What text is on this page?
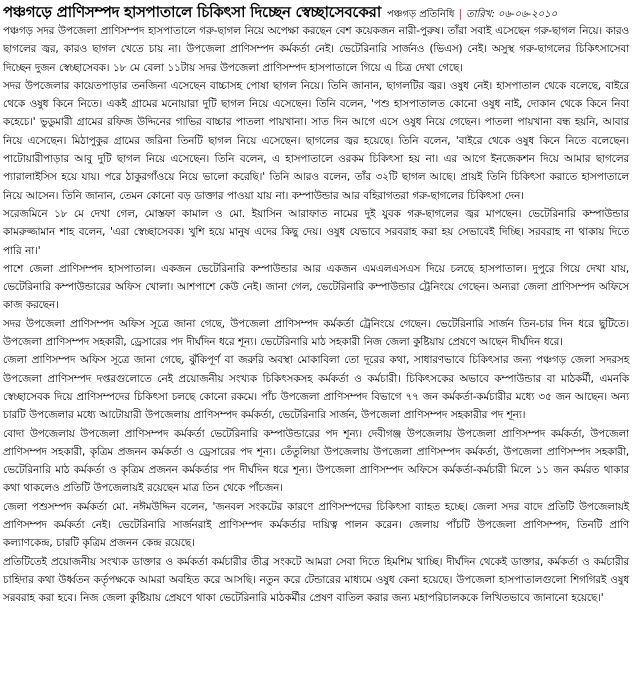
পঞ্চগড়ে প্রাণিসম্পদ হাসপাতালে চিকিৎসা দিচ্ছেন স্বেচ্ছাসেবকেরা পঞ্চগড় প্রতিনিধি | তারিখ: ০৬-০৬-২০১০

পঞ্চগড় সদর উপজেলা প্রাণিসম্পদ হাসপাতালে গরু-ছাগল নিয়ে অপেক্ষা করছেন বেশ কয়েকজন নারী-পুরুষ। তাঁরা সবাই এসেছেন গরু-ছাগল নিয়ে। কারও ছাগলের জ্বর, কারও ছাগল খেতে চায় না। উপজেলা প্রাণিসম্পদ কর্মকর্তা নেই। ভেটেরিনারি সার্জনও (ভিএস) নেই। অসুস্থ গরু-ছাগলের চিকিৎসাসেবা দিচ্ছেন দুজন স্বেচ্ছাসেবক। ১৮ মে বেলা ১১টায় সদর উপজেলা প্রাণিসম্পদ হাসপাতালে গিয়ে এ চিত্র দেখা গেছে।

সদর উপজেলার কায়েতপাড়ার তনজিনা এসেছেন বাচ্চাসহ পোষা ছাগল নিয়ে। তিনি জানান, ছাগলটির জ্বর। ওষুধ নেই। হাসপাতাল থেকে বলেছে, বাইরে থেকে ওষুধ কিনে নিতে। একই গ্রামের মনোয়ারা দুটি ছাগল নিয়ে এসেছেন। তিনি বলেন, 'পশু হাসপাতালত কোনো ওষুধ নাই, দোকান থেকে কিনে নিবা কহেচে।' ভুডুমারী গ্রামের রফিজ উদ্দিনের গাভির বাচ্চার পাতলা পায়খানা। সাত দিন আগে এসে ওষুধ নিয়ে গেছেন। পাতলা পায়খানা বন্ধ হয়নি, আবার নিয়ে এসেছেন। মিঠাপুকুর গ্রামের জরিনা তিনটি ছাগল নিয়ে এসেছেন। ছাগলের জ্বর হয়েছে। তিনি বলেন, 'বাইরে থেকে ওষুধ কিনে নিতে বলেছেন। পাটোয়ারীপাড়ার আবু দুটি ছাগল নিয়ে এসেছেন। তিনি বলেন, এ হাসপাতালে ওরকম চিকিৎসা হয় না। এর আগে ইনজেকশন দিয়ে আমার ছাগলের প্যারালাইসিস হয়ে যায়। পরে ঠাকুরগাঁওয়ে নিয়ে ভালো করেছি।' তিনি আরও বলেন, তাঁর ৩২টি ছাগল আছে। প্রায়ই তিনি চিকিৎসা করাতে হাসপাতালে নিয়ে আসেন। তিনি জানান, তেমন কোনো বড় ডাক্তার পাওয়া যায় না। কম্পাউন্ডার আর বহিরাগতরা গরু-ছাগলের চিকিৎসা দেন।

সরেজমিনে ১৮ মে দেখা গেল, মোস্তফা কামাল ও মো. ইয়াসিন আরাফাত নামের দুই যুবক গরু-ছাগলের জ্বর মাপছেন। ভেটেরিনারি কম্পাউন্ডার কামরুজ্জামান শাহ বলেন, 'এরা স্বেচ্ছাসেবক। খুশি হয়ে মানুষ এদের কিছু দেয়। ওষুধ যেভাবে সরবরাহ করা হয় সেভাবেই দিচ্ছি। সরবরাহ না থাকায় দিতে পারি না।'

পাশে জেলা প্রাণিসম্পদ হাসপাতাল। একজন ভেটেরিনারি কম্পাউন্ডার আর একজন এমএলএসএস দিয়ে চলছে হাসপাতাল। দুপুরে গিয়ে দেখা যায়, ভেটেরিনারি কম্পাউন্ডারের অফিস খোলা। আশপাশে কেউ নেই। জানা গেল, ভেটেরিনারি কম্পাউন্ডার ট্রেনিংয়ে গেছেন। অন্যরা জেলা প্রাণিসম্পদ অফিসে কাজ করছেন।

সদর উপজেলা প্রাণিসম্পদ অফিস সূত্রে জানা গেছে, উপজেলা প্রাণিসম্পদ কর্মকর্তা ট্রেনিংয়ে গেছেন। ভেটেরিনারি সার্জন তিন-চার দিন ধরে ছুটিতে। উপজেলা প্রাণিসম্পদ সহকারী, ড্রেসারের পদ দীর্ঘদিন ধরে শূন্য। ভেটেরিনারি মাঠ সহকারী নিজ জেলা কুষ্টিয়ায় প্রেষণে আছেন দীর্ঘদিন ধরে।

জেলা প্রাণিসম্পদ অফিস সূত্রে জানা গেছে, ঝুঁকিপূর্ণ বা জরুরি অবস্থা মোকাবিলা তো দূরের কথা, সাধারণভাবে চিকিৎসার জন্য পঞ্চগড় জেলা সদরসহ উপজেলা প্রাণিসম্পদ দপ্তরগুলোতে নেই প্রয়োজনীয় সংখ্যক চিকিৎসকসহ কর্মকর্তা ও কর্মচারী। চিকিৎসকের অভাবে কম্পাউন্ডার বা মাঠকর্মী, এমনকি স্বেচ্ছাসেবক দিয়ে প্রাণিসম্পদের চিকিৎসা চলছে কোনো রকমে। পাঁচ উপজেলা প্রাণিসম্পদ বিভাগে ৭৭ জন কর্মকর্তা-কর্মচারীর মধ্যে ৩৫ জন আছেন। অন্য চারটি উপজেলার মধ্যে আটোয়ারী উপজেলায় প্রাণিসম্পদ কর্মকর্তা, ভেটেরিনারি সার্জন, উপজেলা প্রাণিসম্পদ সহকারীর পদ শূন্য।

বোদা উপজেলায় উপজেলা প্রাণিসম্পদ কর্মকর্তা ভেটেরিনারি কম্পাউন্ডারের পদ শূন্য। দেবীগঞ্জ উপজেলায় উপজেলা প্রাণিসম্পদ কর্মকর্তা, উপজেলা প্রাণিসম্পদ সহকারী, কৃত্রিম প্রজনন কর্মকর্তা ও ড্রেসারের পদ শূন্য। তেঁতুলিয়া উপজেলায় উপজেলা প্রাণিসম্পদ কর্মকর্তা, উপজেলা প্রাণিসম্পদ সহকারী, ভেটেরিনারি মাঠ কর্মকর্তা ও কৃত্রিম প্রজনন কর্মকর্তার পদ দীর্ঘদিন ধরে শূন্য। উপজেলা প্রাণিসম্পদ অফিসে কর্মকর্তা-কর্মচারী মিলে ১১ জন কর্মরত থাকার কথা থাকলেও প্রতিটি উপজেলায়ই রয়েছেন মাত্র তিন থেকে পাঁচজন।

জেলা পশুসম্পদ কর্মকর্তা মো. নঈমউদ্দিন বলেন, 'জনবল সংকটের কারণে প্রাণিসম্পদের চিকিৎসা ব্যাহত হচ্ছে। জেলা সদর বাদে প্রতিটি উপজেলায়ই প্রাণিসম্পদ কর্মকর্তা নেই। ভেটেরিনারি সার্জনরাই প্রাণিসম্পদ কর্মকর্তার দায়িত্ব পালন করেন। জেলায় পাঁচটি উপজেলা প্রাণিসম্পদ, তিনটি প্রাণি কল্যাণকেন্দ্র, চারটি কৃত্রিম প্রজনন কেন্দ্র রয়েছে।

প্রতিটিতেই প্রয়োজনীয় সংখ্যক ডাক্তার ও কর্মকর্তা কর্মচারীর তীব্র সংকটে আমরা সেবা দিতে হিমশিম খাচ্ছি। দীর্ঘদিন থেকেই ডাক্তার, কর্মকর্তা ও কর্মচারীর চাহিদার কথা উর্ধ্বতন কর্তৃপক্ষকে আমরা অবহিত করে আসছি। নতুন করে টেন্ডারের মাধ্যমে ওষুধ কেনা হয়েছে। উপজেলা হাসপাতালগুলো শিগগিরই ওষুধ সরবরাহ করা হবে। নিজ জেলা কুষ্টিয়ায় প্রেষণে থাকা ভেটেরিনারি মাঠকর্মীর প্রেষণ বাতিল করার জন্য মহাপরিচালককে লিখিতভাবে জানানো হয়েছে।'
